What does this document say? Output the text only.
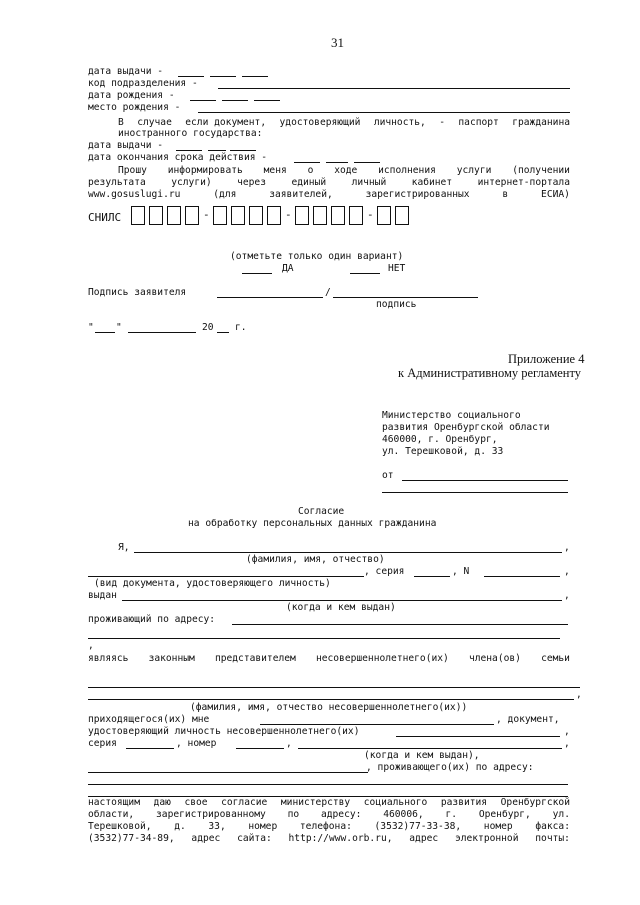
31
дата выдачи -
код подразделения -
дата рождения -
место рождения -
В случае если документ, удостоверяющий личность, - паспорт гражданина
иностранного государства:
дата выдачи -
дата окончания срока действия -
Прошу информировать меня о ходе исполнения услуги (получении
результата	услуги)	через	единый	личный	кабинет	интернет-портала
www.gosuslugi.ru	(для	заявителей,	зарегистрированных	в	ЕСИА)
СНИЛС	-	-	-
(отметьте только один вариант)
ДА	НЕТ
Подпись заявителя	/
подпись
" "	20 г.
Приложение 4
к Административному регламенту
Министерство социального
развития Оренбургской области
460000, г. Оренбург,
ул. Терешковой, д. 33
от
Согласие
на обработку персональных данных гражданина
Я,	,
(фамилия, имя, отчество)
, серия	, N	,
(вид документа, удостоверяющего личность)
выдан	,
(когда и кем выдан)
проживающий по адресу:
,
являясь законным представителем несовершеннолетнего(их) члена(ов) семьи
,
(фамилия, имя, отчество несовершеннолетнего(их))
приходящегося(их) мне	, документ,
удостоверяющий личность несовершеннолетнего(их)	,
серия	, номер	,	,
(когда и кем выдан),
, проживающего(их) по адресу:
настоящим даю свое согласие министерству социального развития Оренбургской
области, зарегистрированному по адресу: 460006, г. Оренбург, ул.
Терешковой, д. 33, номер телефона: (3532)77-33-38, номер факса:
(3532)77-34-89, адрес сайта: http://www.orb.ru, адрес электронной почты:
